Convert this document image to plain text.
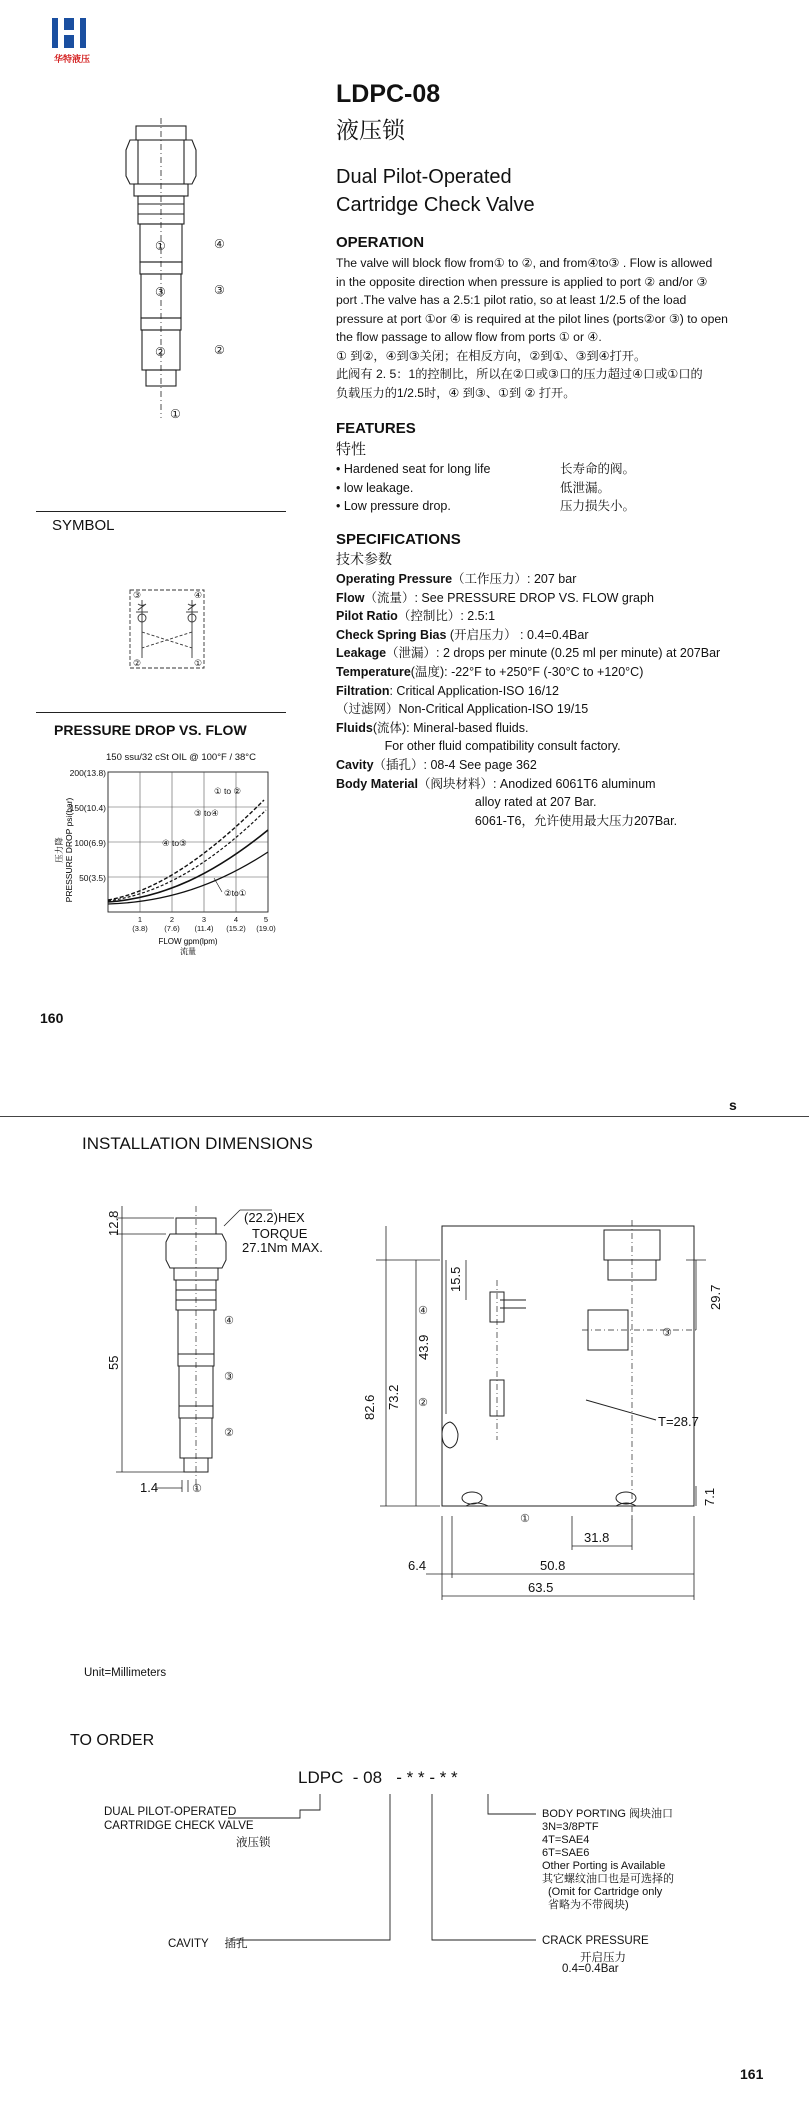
华特液压
LDPC-08
液压锁
Dual Pilot-Operated
Cartridge Check Valve
OPERATION
The valve will block flow from① to ②, and from④to③ . Flow is allowed
in the opposite direction when pressure is applied to port ② and/or ③
port .The valve has a 2.5:1 pilot ratio, so at least 1/2.5 of the load
pressure at port ①or ④ is required at the pilot lines (ports②or ③) to open
the flow passage to allow flow from ports ① or ④.
① 到②，④到③关闭；在相反方向，②到①、③到④打开。
此阀有 2. 5：1的控制比，所以在②口或③口的压力超过④口或①口的
负载压力的1/2.5时，④ 到③、①到 ② 打开。
FEATURES
特性
• Hardened seat for long life	长寿命的阀。
• low leakage.	低泄漏。
• Low pressure drop.	压力损失小。
SPECIFICATIONS
技术参数
Operating Pressure（工作压力）: 207 bar
Flow（流量）: See PRESSURE DROP VS. FLOW graph
Pilot Ratio（控制比）: 2.5:1
Check Spring Bias (开启压力） : 0.4=0.4Bar
Leakage（泄漏）: 2 drops per minute (0.25 ml per minute) at 207Bar
Temperature(温度): -22°F to +250°F (-30°C to +120°C)
Filtration: Critical Application-ISO 16/12
（过滤网）Non-Critical Application-ISO 19/15
Fluids(流体): Mineral-based fluids.
For other fluid compatibility consult factory.
Cavity（插孔）: 08-4 See page 362
Body Material（阀块材料）: Anodized 6061T6 aluminum
alloy rated at 207 Bar.
6061-T6，允许使用最大压力207Bar.
①	④
③	③
②	②
①
SYMBOL
③	④
②	①
PRESSURE DROP VS. FLOW
150 ssu/32 cSt OIL @ 100°F / 38°C
压力降 PRESSURE DROP psi(bar)
200(13.8)
150(10.4)
100(6.9)
50(3.5)
1
(3.8)
2
(7.6)
3
(11.4)
4
(15.2)
5
(19.0)
① to ②
③ to④
④ to③
②to①
FLOW gpm(lpm)
流量
160
s
INSTALLATION DIMENSIONS
12.8
55
1.4
(22.2)HEX
TORQUE
27.1Nm MAX.
④
③
②
①
43.9
73.2
82.6
15.5
29.7
T=28.7
7.1
31.8
6.4	50.8
63.5
④
②
③
①
Unit=Millimeters
TO ORDER
LDPC  - 08   - * * - * *
DUAL PILOT-OPERATED
CARTRIDGE CHECK VALVE
液压锁
CAVITY     插孔
BODY PORTING 阀块油口
3N=3/8PTF
4T=SAE4
6T=SAE6
Other Porting is Available
其它螺纹油口也是可选择的
(Omit for Cartridge only
省略为不带阀块)
CRACK PRESSURE
开启压力
0.4=0.4Bar
161
